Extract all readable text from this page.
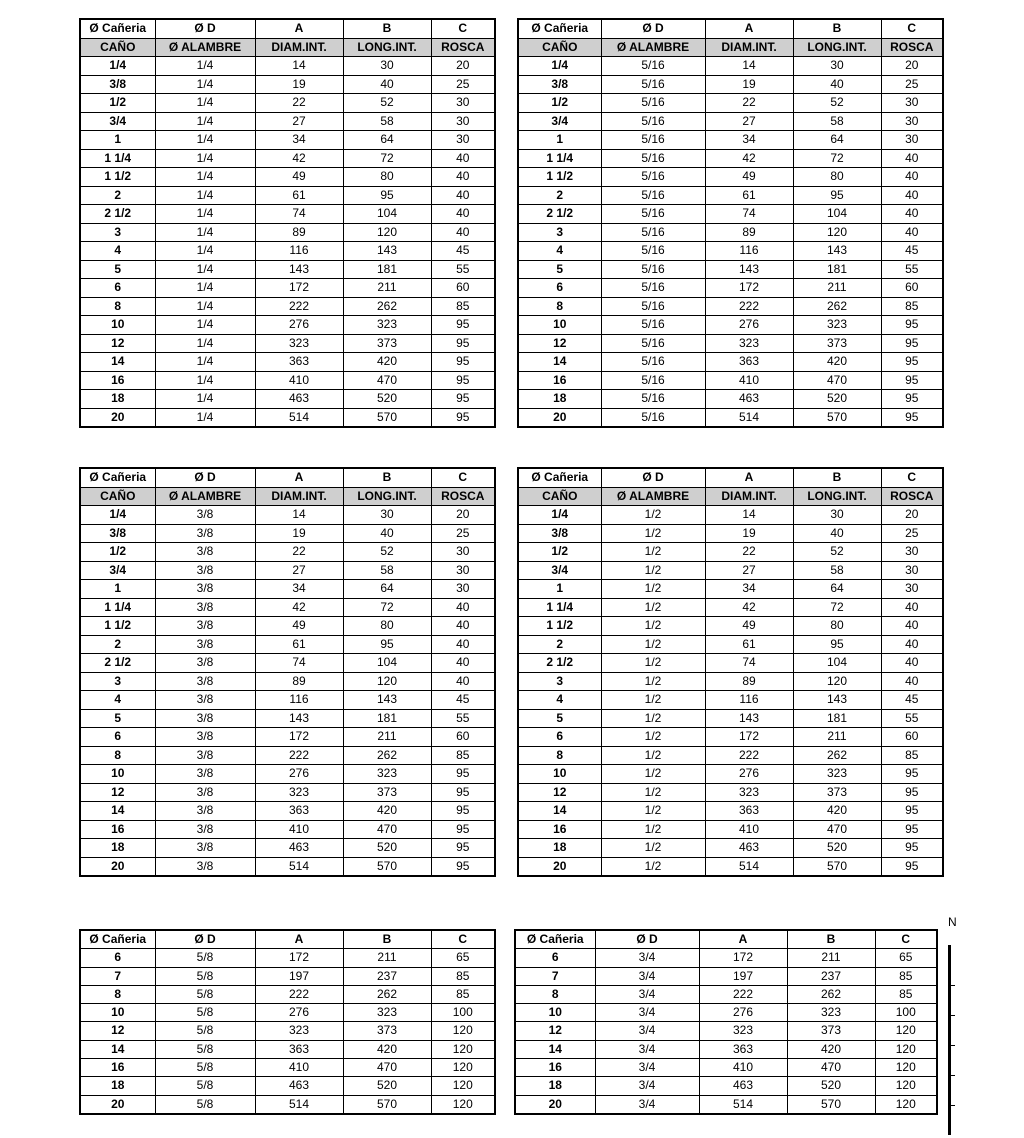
Ø Cañeria	Ø D	A	B	C
CAÑO	Ø ALAMBRE	DIAM.INT.	LONG.INT.	ROSCA
1/4	1/4	14	30	20
3/8	1/4	19	40	25
1/2	1/4	22	52	30
3/4	1/4	27	58	30
1	1/4	34	64	30
1 1/4	1/4	42	72	40
1 1/2	1/4	49	80	40
2	1/4	61	95	40
2 1/2	1/4	74	104	40
3	1/4	89	120	40
4	1/4	116	143	45
5	1/4	143	181	55
6	1/4	172	211	60
8	1/4	222	262	85
10	1/4	276	323	95
12	1/4	323	373	95
14	1/4	363	420	95
16	1/4	410	470	95
18	1/4	463	520	95
20	1/4	514	570	95
Ø Cañeria	Ø D	A	B	C
CAÑO	Ø ALAMBRE	DIAM.INT.	LONG.INT.	ROSCA
1/4	5/16	14	30	20
3/8	5/16	19	40	25
1/2	5/16	22	52	30
3/4	5/16	27	58	30
1	5/16	34	64	30
1 1/4	5/16	42	72	40
1 1/2	5/16	49	80	40
2	5/16	61	95	40
2 1/2	5/16	74	104	40
3	5/16	89	120	40
4	5/16	116	143	45
5	5/16	143	181	55
6	5/16	172	211	60
8	5/16	222	262	85
10	5/16	276	323	95
12	5/16	323	373	95
14	5/16	363	420	95
16	5/16	410	470	95
18	5/16	463	520	95
20	5/16	514	570	95
Ø Cañeria	Ø D	A	B	C
CAÑO	Ø ALAMBRE	DIAM.INT.	LONG.INT.	ROSCA
1/4	3/8	14	30	20
3/8	3/8	19	40	25
1/2	3/8	22	52	30
3/4	3/8	27	58	30
1	3/8	34	64	30
1 1/4	3/8	42	72	40
1 1/2	3/8	49	80	40
2	3/8	61	95	40
2 1/2	3/8	74	104	40
3	3/8	89	120	40
4	3/8	116	143	45
5	3/8	143	181	55
6	3/8	172	211	60
8	3/8	222	262	85
10	3/8	276	323	95
12	3/8	323	373	95
14	3/8	363	420	95
16	3/8	410	470	95
18	3/8	463	520	95
20	3/8	514	570	95
Ø Cañeria	Ø D	A	B	C
CAÑO	Ø ALAMBRE	DIAM.INT.	LONG.INT.	ROSCA
1/4	1/2	14	30	20
3/8	1/2	19	40	25
1/2	1/2	22	52	30
3/4	1/2	27	58	30
1	1/2	34	64	30
1 1/4	1/2	42	72	40
1 1/2	1/2	49	80	40
2	1/2	61	95	40
2 1/2	1/2	74	104	40
3	1/2	89	120	40
4	1/2	116	143	45
5	1/2	143	181	55
6	1/2	172	211	60
8	1/2	222	262	85
10	1/2	276	323	95
12	1/2	323	373	95
14	1/2	363	420	95
16	1/2	410	470	95
18	1/2	463	520	95
20	1/2	514	570	95
Ø Cañeria	Ø D	A	B	C
6	5/8	172	211	65
7	5/8	197	237	85
8	5/8	222	262	85
10	5/8	276	323	100
12	5/8	323	373	120
14	5/8	363	420	120
16	5/8	410	470	120
18	5/8	463	520	120
20	5/8	514	570	120
Ø Cañeria	Ø D	A	B	C
6	3/4	172	211	65
7	3/4	197	237	85
8	3/4	222	262	85
10	3/4	276	323	100
12	3/4	323	373	120
14	3/4	363	420	120
16	3/4	410	470	120
18	3/4	463	520	120
20	3/4	514	570	120
N
